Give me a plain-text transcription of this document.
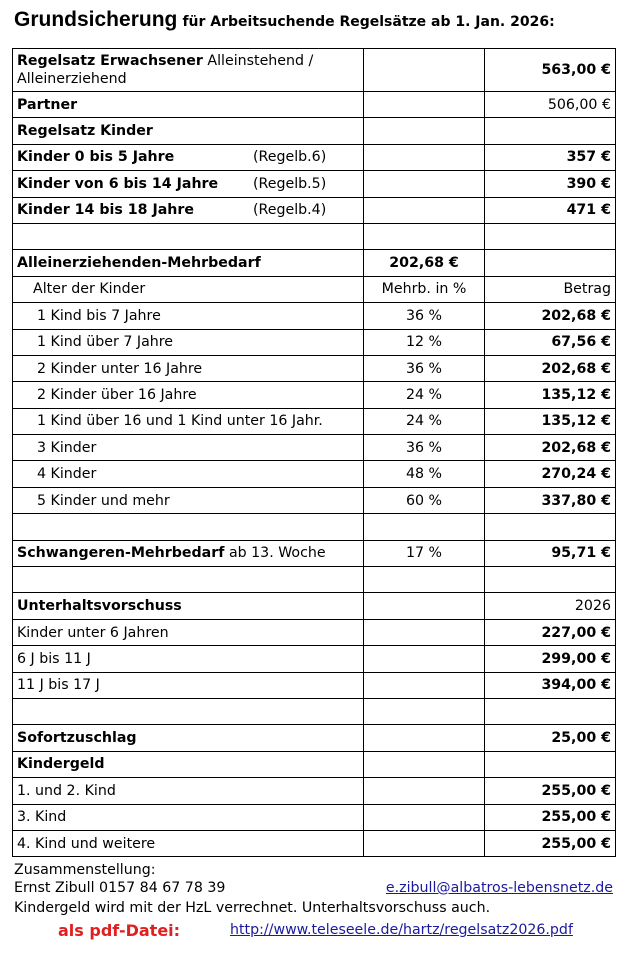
Grundsicherung für Arbeitsuchende Regelsätze ab 1. Jan. 2026:
Regelsatz Erwachsener Alleinstehend / Alleinerziehend		563,00 €
Partner		506,00 €
Regelsatz Kinder		
Kinder 0 bis 5 Jahre (Regelb.6)		357 €
Kinder von 6 bis 14 Jahre (Regelb.5)		390 €
Kinder 14 bis 18 Jahre (Regelb.4)		471 €

Alleinerziehenden-Mehrbedarf	202,68 €	
Alter der Kinder	Mehrb. in %	Betrag
1 Kind bis 7 Jahre	36 %	202,68 €
1 Kind über 7 Jahre	12 %	67,56 €
2 Kinder unter 16 Jahre	36 %	202,68 €
2 Kinder über 16 Jahre	24 %	135,12 €
1 Kind über 16 und 1 Kind unter 16 Jahr.	24 %	135,12 €
3 Kinder	36 %	202,68 €
4 Kinder	48 %	270,24 €
5 Kinder und mehr	60 %	337,80 €

Schwangeren-Mehrbedarf ab 13. Woche	17 %	95,71 €

Unterhaltsvorschuss		2026
Kinder unter 6 Jahren		227,00 €
6 J bis 11 J		299,00 €
11 J bis 17 J		394,00 €

Sofortzuschlag		25,00 €
Kindergeld		
1. und 2. Kind		255,00 €
3. Kind		255,00 €
4. Kind und weitere		255,00 €
Zusammenstellung:
Ernst Zibull 0157 84 67 78 39	e.zibull@albatros-lebensnetz.de
Kindergeld wird mit der HzL verrechnet. Unterhaltsvorschuss auch.
als pdf-Datei:	http://www.teleseele.de/hartz/regelsatz2026.pdf
